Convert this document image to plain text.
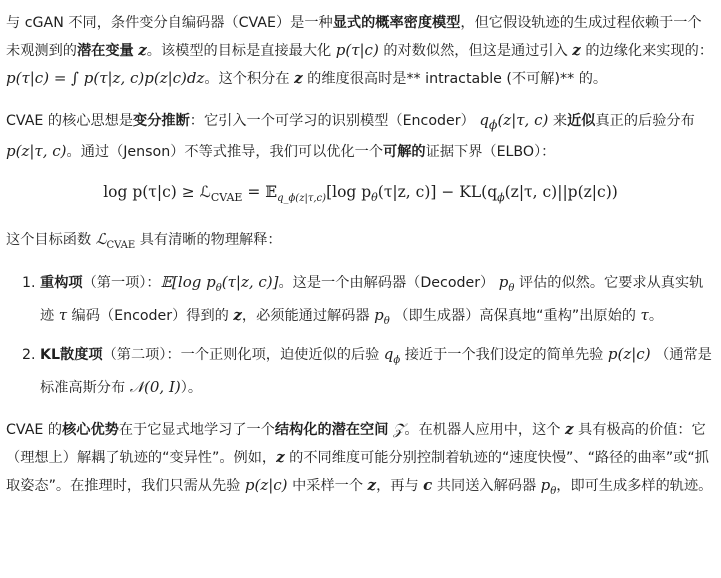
与 cGAN 不同，条件变分自编码器（CVAE）是一种显式的概率密度模型，但它假设轨迹的生成过程依赖于一个未观测到的潜在变量 z。该模型的目标是直接最大化 p(τ|c) 的对数似然，但这是通过引入 z 的边缘化来实现的：p(τ|c) = ∫ p(τ|z, c)p(z|c)dz。这个积分在 z 的维度很高时是** intractable (不可解)** 的。

CVAE 的核心思想是变分推断：它引入一个可学习的识别模型（Encoder） $q_\phi(z|\tau$, c) 来近似真正的后验分布 p(z|τ, c)。通过（Jenson）不等式推导，我们可以优化一个可解的证据下界（ELBO）：

log p(τ|c) ≥ ℒ$_{CVAE}$ = 𝔼$_{q\_\phi(z|\tau,c)}$[log $p_\theta(\tau|z$, $c)] - KL(q_\phi(z|\tau$, c)||p(z|c))

这个目标函数 ℒ$_{CVAE}$ 具有清晰的物理解释：

1. 重构项（第一项）：𝔼[log $p_\theta(\tau|z$, c)]。这是一个由解码器（Decoder） $p_\theta$ 评估的似然。它要求从真实轨迹 τ 编码（Encoder）得到的 z，必须能通过解码器 $p_\theta$ （即生成器）高保真地“重构”出原始的 τ。
2. KL散度项（第二项）：一个正则化项，迫使近似的后验 $q_\phi$ 接近于一个我们设定的简单先验 p(z|c) （通常是标准高斯分布 𝒩(0, I)）。

CVAE 的核心优势在于它显式地学习了一个结构化的潜在空间 𝒵。在机器人应用中，这个 z 具有极高的价值：它（理想上）解耦了轨迹的“变异性”。例如，z 的不同维度可能分别控制着轨迹的“速度快慢”、“路径的曲率”或“抓取姿态”。在推理时，我们只需从先验 p(z|c) 中采样一个 z，再与 c 共同送入解码器 $p_\theta$，即可生成多样的轨迹。
